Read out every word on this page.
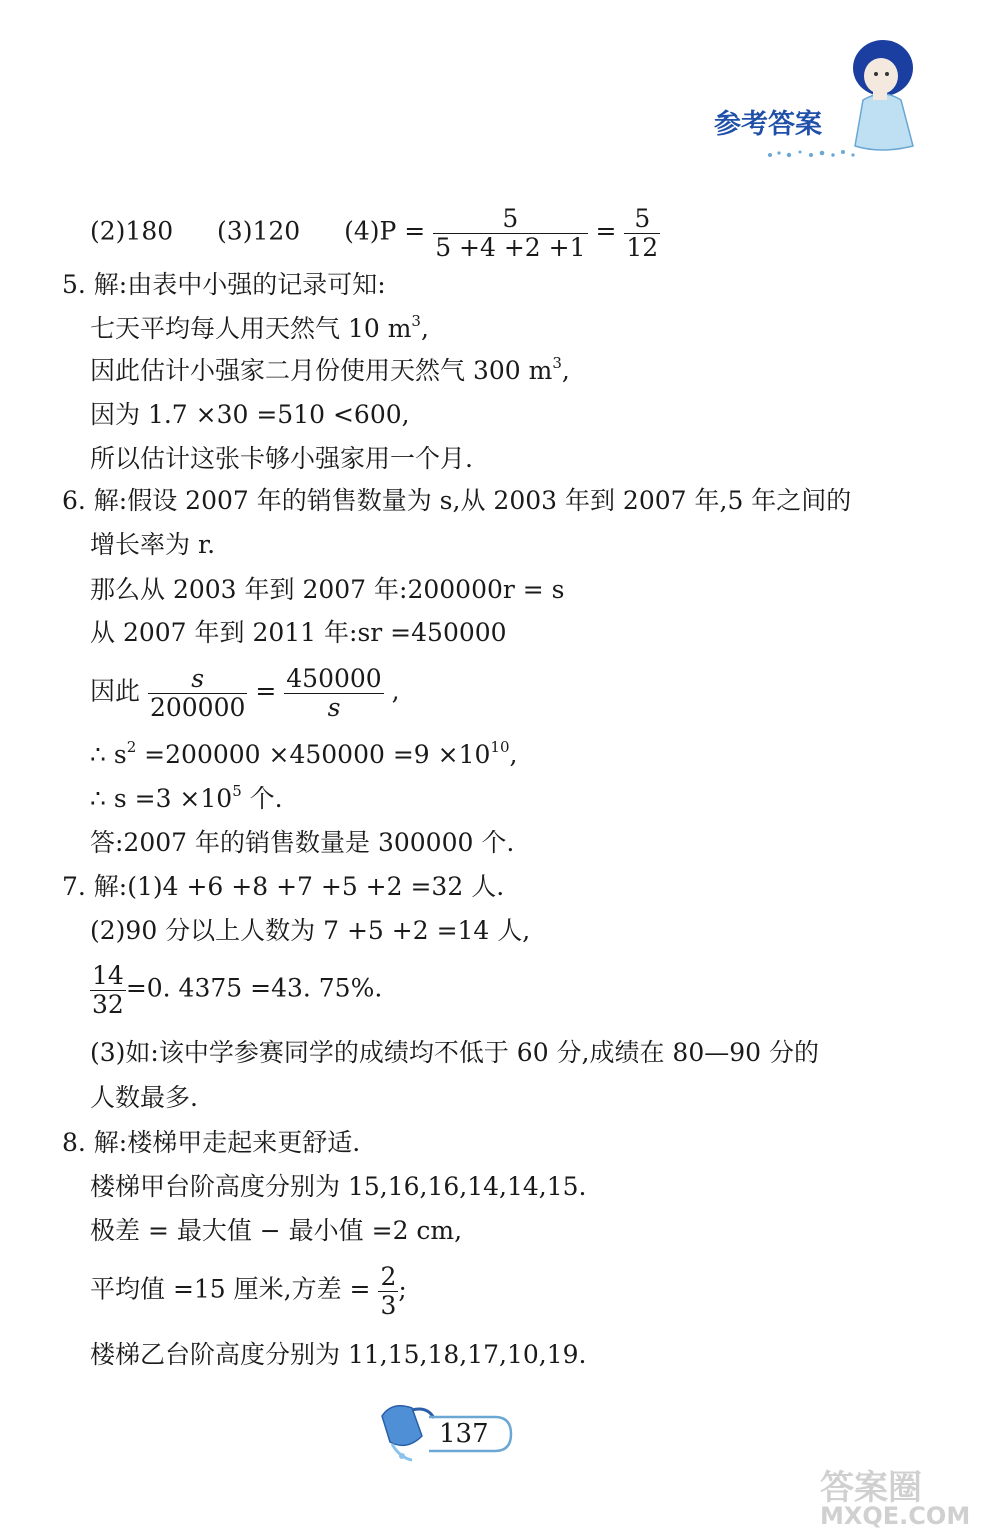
参考答案
(2)180 (3)120 $(4)P = \frac{5}{5 +4 +2 +1} = \frac{5}{12}$
5. 解:由表中小强的记录可知:
七天平均每人用天然气 10 $m^3$,
因此估计小强家二月份使用天然气 300 $m^3$,
因为 1.7 ×30 =510 <600,
所以估计这张卡够小强家用一个月.
6. 解:假设 2007 年的销售数量为 s,从 2003 年到 2007 年,5 年之间的
增长率为 r.
那么从 2003 年到 2007 年:200000r = s
从 2007 年到 2011 年:sr =450000
因此 $\frac{s}{200000} = \frac{450000}{s}$ ,
∴ $s^2 =200000 \times 450000 =9 \times 10^{10}$,
∴ $s =3 \times 10^5$ 个.
答:2007 年的销售数量是 300000 个.
7. 解:(1)4 +6 +8 +7 +5 +2 =32 人.
(2)90 分以上人数为 7 +5 +2 =14 人,
$\frac{14}{32} =0$. 4375 =43. 75%.
(3)如:该中学参赛同学的成绩均不低于 60 分,成绩在 80—90 分的
人数最多.
8. 解:楼梯甲走起来更舒适.
楼梯甲台阶高度分别为 15,16,16,14,14,15.
极差 = 最大值 − 最小值 =2 cm,
平均值 =15 厘米,方差 = $\frac{2}{3}$ ;
楼梯乙台阶高度分别为 11,15,18,17,10,19.
137
答案圈
MXQE.COM
